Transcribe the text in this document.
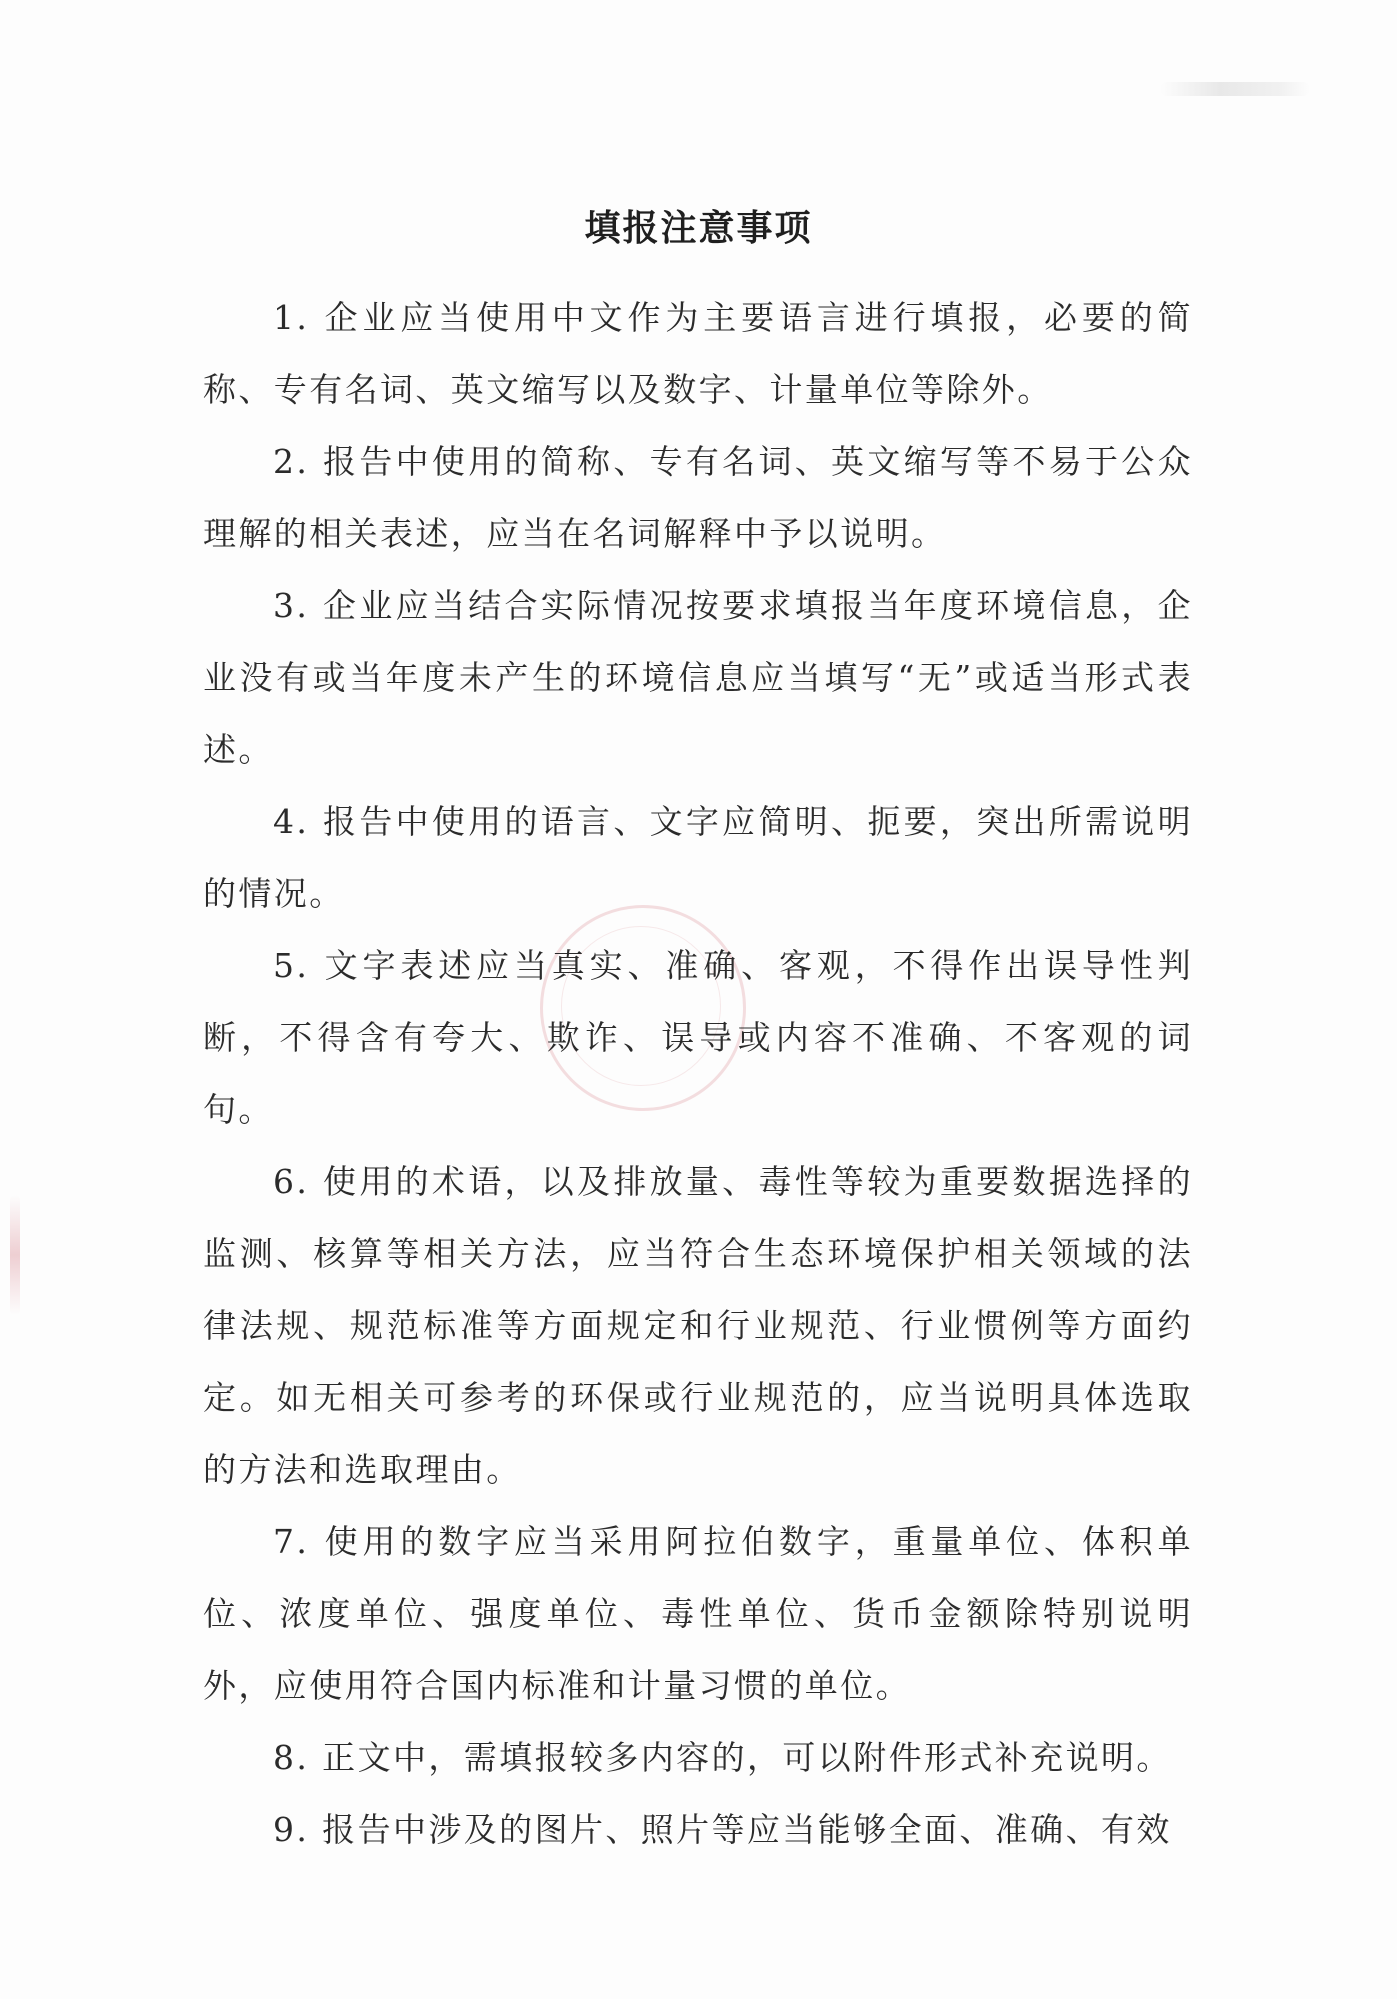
填报注意事项

1. 企业应当使用中文作为主要语言进行填报，必要的简称、专有名词、英文缩写以及数字、计量单位等除外。

2. 报告中使用的简称、专有名词、英文缩写等不易于公众理解的相关表述，应当在名词解释中予以说明。

3. 企业应当结合实际情况按要求填报当年度环境信息，企业没有或当年度未产生的环境信息应当填写“无”或适当形式表述。

4. 报告中使用的语言、文字应简明、扼要，突出所需说明的情况。

5. 文字表述应当真实、准确、客观，不得作出误导性判断，不得含有夸大、欺诈、误导或内容不准确、不客观的词句。

6. 使用的术语，以及排放量、毒性等较为重要数据选择的监测、核算等相关方法，应当符合生态环境保护相关领域的法律法规、规范标准等方面规定和行业规范、行业惯例等方面约定。如无相关可参考的环保或行业规范的，应当说明具体选取的方法和选取理由。

7. 使用的数字应当采用阿拉伯数字，重量单位、体积单位、浓度单位、强度单位、毒性单位、货币金额除特别说明外，应使用符合国内标准和计量习惯的单位。

8. 正文中，需填报较多内容的，可以附件形式补充说明。

9. 报告中涉及的图片、照片等应当能够全面、准确、有效
